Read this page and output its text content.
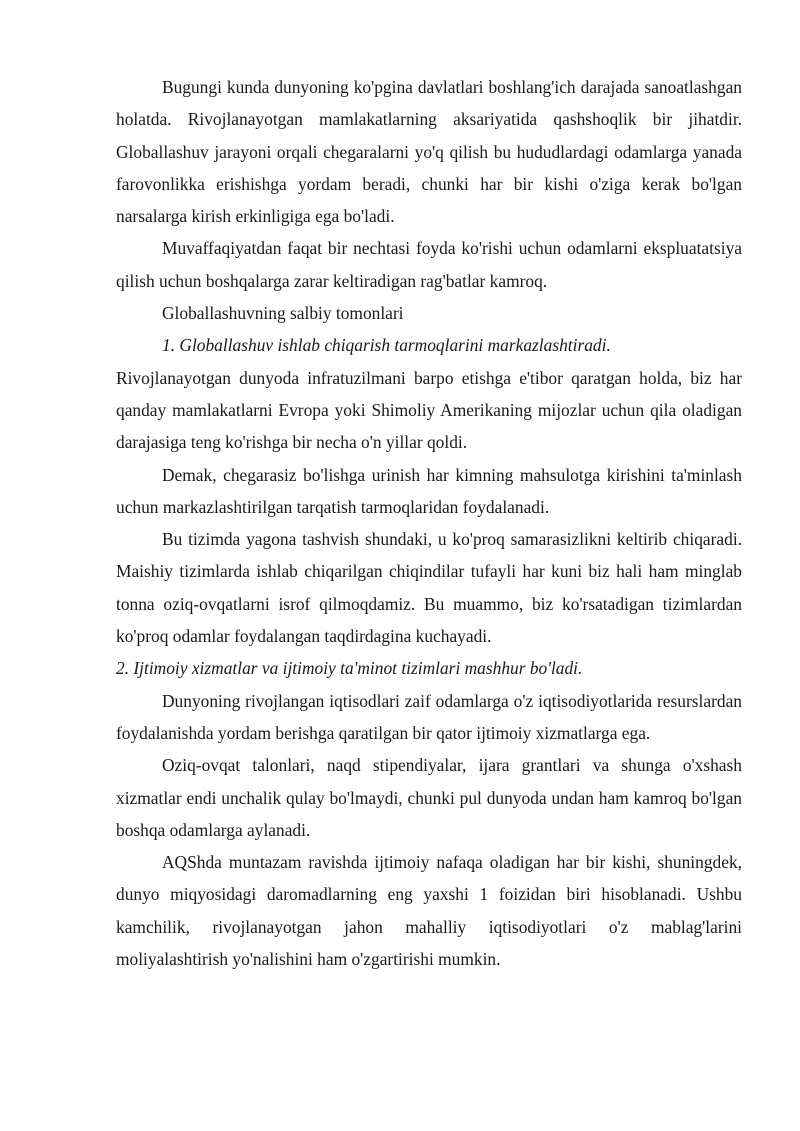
Bugungi kunda dunyoning ko'pgina davlatlari boshlang'ich darajada sanoatlashgan holatda. Rivojlanayotgan mamlakatlarning aksariyatida qashshoqlik bir jihatdir. Globallashuv jarayoni orqali chegaralarni yo'q qilish bu hududlardagi odamlarga yanada farovonlikka erishishga yordam beradi, chunki har bir kishi o'ziga kerak bo'lgan narsalarga kirish erkinligiga ega bo'ladi.

Muvaffaqiyatdan faqat bir nechtasi foyda ko'rishi uchun odamlarni ekspluatatsiya qilish uchun boshqalarga zarar keltiradigan rag'batlar kamroq.

Globallashuvning salbiy tomonlari

1. Globallashuv ishlab chiqarish tarmoqlarini markazlashtiradi.

Rivojlanayotgan dunyoda infratuzilmani barpo etishga e'tibor qaratgan holda, biz har qanday mamlakatlarni Evropa yoki Shimoliy Amerikaning mijozlar uchun qila oladigan darajasiga teng ko'rishga bir necha o'n yillar qoldi.

Demak, chegarasiz bo'lishga urinish har kimning mahsulotga kirishini ta'minlash uchun markazlashtirilgan tarqatish tarmoqlaridan foydalanadi.

Bu tizimda yagona tashvish shundaki, u ko'proq samarasizlikni keltirib chiqaradi. Maishiy tizimlarda ishlab chiqarilgan chiqindilar tufayli har kuni biz hali ham minglab tonna oziq-ovqatlarni isrof qilmoqdamiz. Bu muammo, biz ko'rsatadigan tizimlardan ko'proq odamlar foydalangan taqdirdagina kuchayadi.

2. Ijtimoiy xizmatlar va ijtimoiy ta'minot tizimlari mashhur bo'ladi.

Dunyoning rivojlangan iqtisodlari zaif odamlarga o'z iqtisodiyotlarida resurslardan foydalanishda yordam berishga qaratilgan bir qator ijtimoiy xizmatlarga ega.

Oziq-ovqat talonlari, naqd stipendiyalar, ijara grantlari va shunga o'xshash xizmatlar endi unchalik qulay bo'lmaydi, chunki pul dunyoda undan ham kamroq bo'lgan boshqa odamlarga aylanadi.

AQShda muntazam ravishda ijtimoiy nafaqa oladigan har bir kishi, shuningdek, dunyo miqyosidagi daromadlarning eng yaxshi 1 foizidan biri hisoblanadi. Ushbu kamchilik, rivojlanayotgan jahon mahalliy iqtisodiyotlari o'z mablag'larini moliyalashtirish yo'nalishini ham o'zgartirishi mumkin.
